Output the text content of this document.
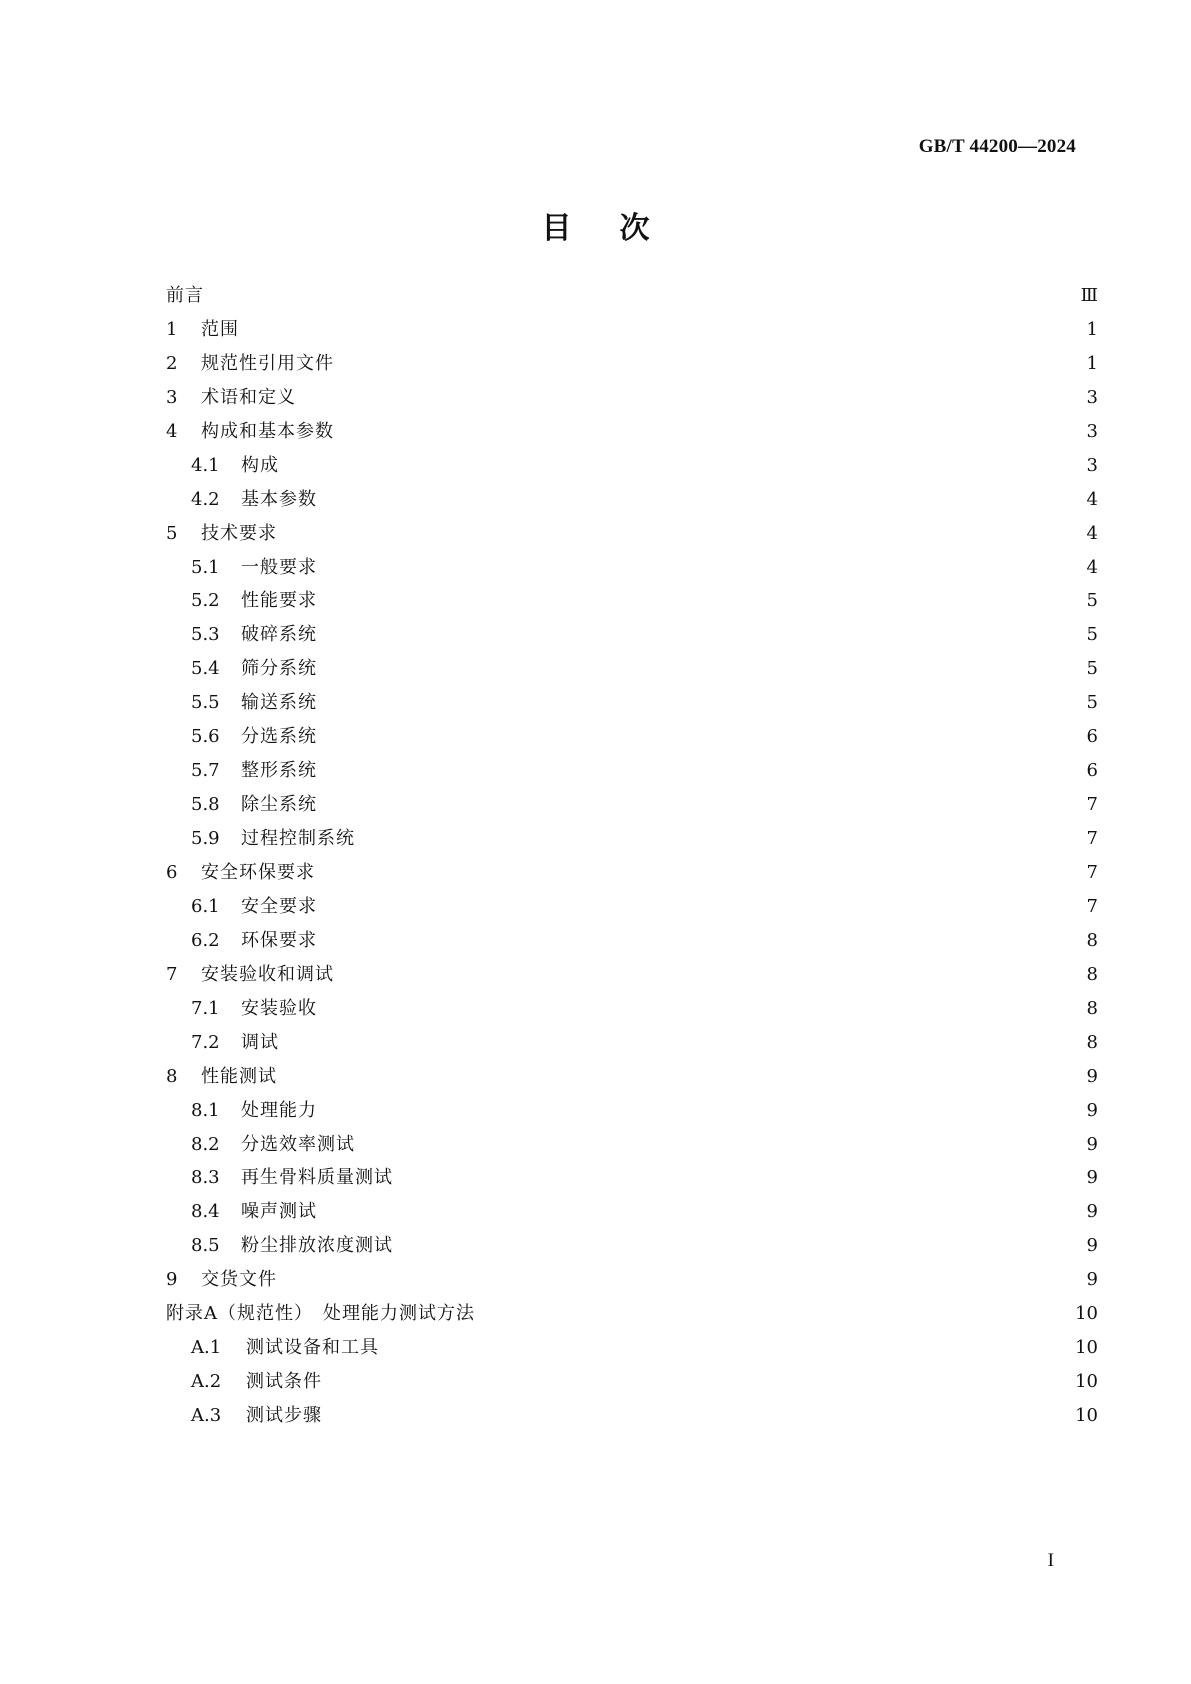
GB/T 44200—2024
目次
前言	Ⅲ
1	范围	1
2	规范性引用文件	1
3	术语和定义	3
4	构成和基本参数	3
4.1	构成	3
4.2	基本参数	4
5	技术要求	4
5.1	一般要求	4
5.2	性能要求	5
5.3	破碎系统	5
5.4	筛分系统	5
5.5	输送系统	5
5.6	分选系统	6
5.7	整形系统	6
5.8	除尘系统	7
5.9	过程控制系统	7
6	安全环保要求	7
6.1	安全要求	7
6.2	环保要求	8
7	安装验收和调试	8
7.1	安装验收	8
7.2	调试	8
8	性能测试	9
8.1	处理能力	9
8.2	分选效率测试	9
8.3	再生骨料质量测试	9
8.4	噪声测试	9
8.5	粉尘排放浓度测试	9
9	交货文件	9
附录A（规范性）　处理能力测试方法	10
A.1	测试设备和工具	10
A.2	测试条件	10
A.3	测试步骤	10
I
